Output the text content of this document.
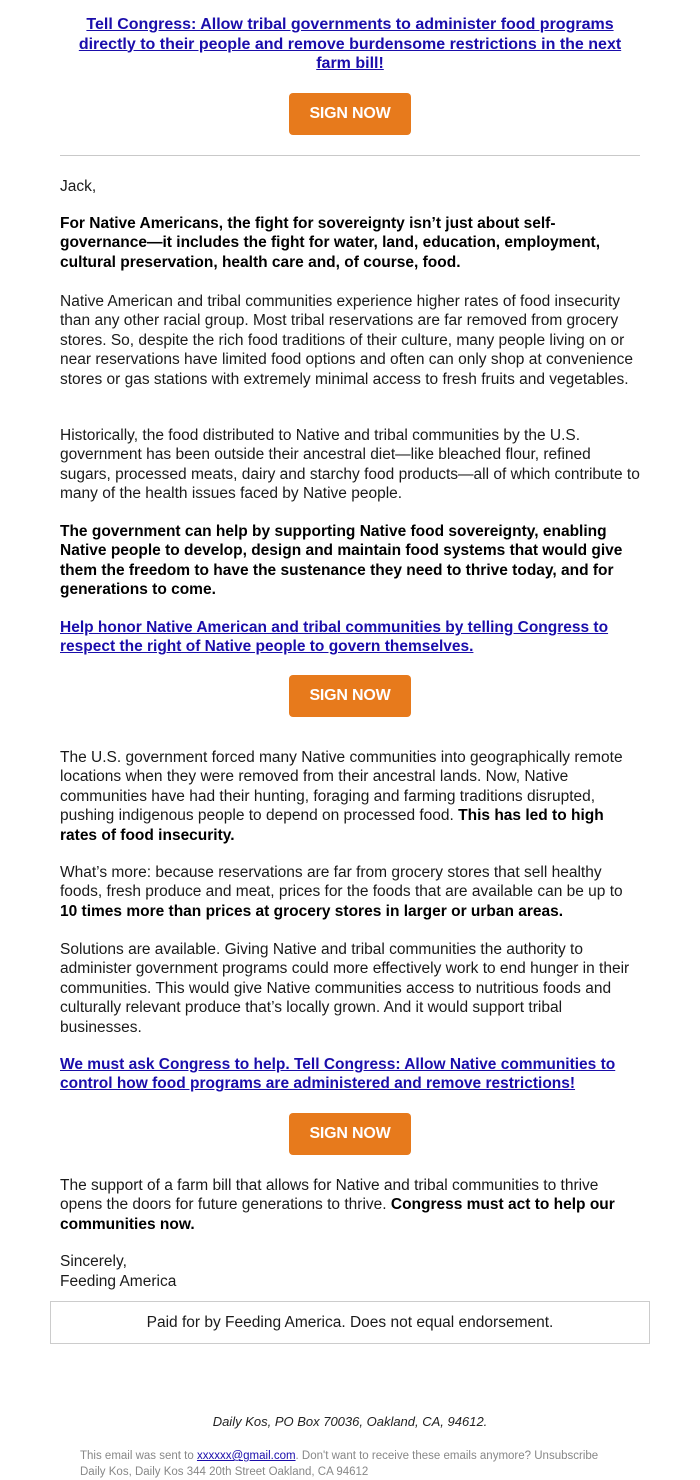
Tell Congress: Allow tribal governments to administer food programs directly to their people and remove burdensome restrictions in the next farm bill!
SIGN NOW
Jack,
For Native Americans, the fight for sovereignty isn’t just about self-governance—it includes the fight for water, land, education, employment, cultural preservation, health care and, of course, food.
Native American and tribal communities experience higher rates of food insecurity than any other racial group. Most tribal reservations are far removed from grocery stores. So, despite the rich food traditions of their culture, many people living on or near reservations have limited food options and often can only shop at convenience stores or gas stations with extremely minimal access to fresh fruits and vegetables.
Historically, the food distributed to Native and tribal communities by the U.S. government has been outside their ancestral diet—like bleached flour, refined sugars, processed meats, dairy and starchy food products—all of which contribute to many of the health issues faced by Native people.
The government can help by supporting Native food sovereignty, enabling Native people to develop, design and maintain food systems that would give them the freedom to have the sustenance they need to thrive today, and for generations to come.
Help honor Native American and tribal communities by telling Congress to respect the right of Native people to govern themselves.
SIGN NOW
The U.S. government forced many Native communities into geographically remote locations when they were removed from their ancestral lands. Now, Native communities have had their hunting, foraging and farming traditions disrupted, pushing indigenous people to depend on processed food. This has led to high rates of food insecurity.
What’s more: because reservations are far from grocery stores that sell healthy foods, fresh produce and meat, prices for the foods that are available can be up to 10 times more than prices at grocery stores in larger or urban areas.
Solutions are available. Giving Native and tribal communities the authority to administer government programs could more effectively work to end hunger in their communities. This would give Native communities access to nutritious foods and culturally relevant produce that’s locally grown. And it would support tribal businesses.
We must ask Congress to help. Tell Congress: Allow Native communities to control how food programs are administered and remove restrictions!
SIGN NOW
The support of a farm bill that allows for Native and tribal communities to thrive opens the doors for future generations to thrive. Congress must act to help our communities now.
Sincerely,
Feeding America
Paid for by Feeding America. Does not equal endorsement.
Daily Kos, PO Box 70036, Oakland, CA, 94612.
This email was sent to xxxxxx@gmail.com. Don't want to receive these emails anymore? Unsubscribe
Daily Kos, Daily Kos 344 20th Street Oakland, CA 94612
